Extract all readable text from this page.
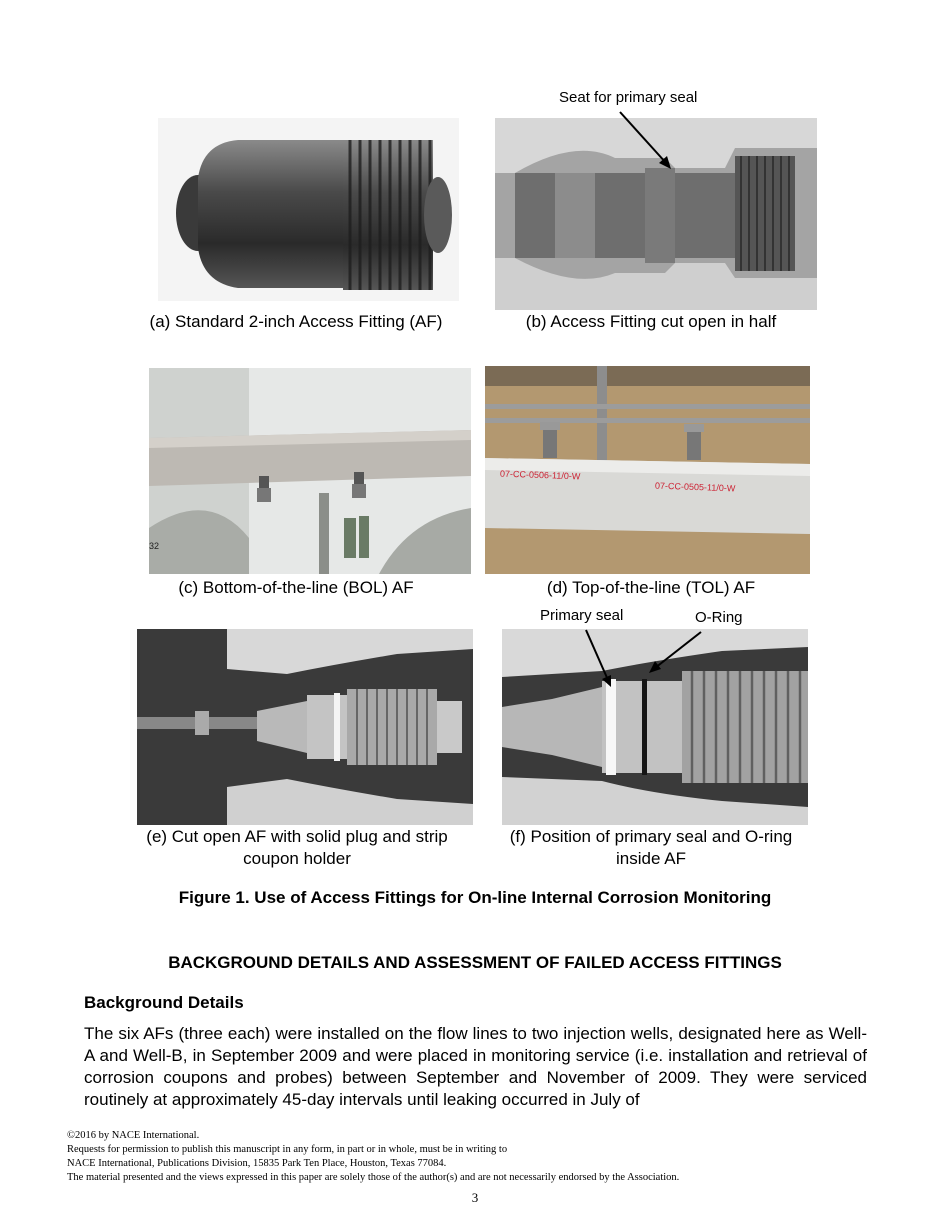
Seat for primary seal
(a) Standard 2-inch Access Fitting (AF)	(b) Access Fitting cut open in half
32
07-CC-0506-11/0-W
07-CC-0505-11/0-W
(c) Bottom-of-the-line (BOL) AF	(d) Top-of-the-line (TOL) AF
Primary seal	O-Ring
(e) Cut open AF with solid plug and strip
coupon holder
(f) Position of primary seal and O-ring
inside AF
Figure 1. Use of Access Fittings for On-line Internal Corrosion Monitoring
BACKGROUND DETAILS AND ASSESSMENT OF FAILED ACCESS FITTINGS
Background Details
The six AFs (three each) were installed on the flow lines to two injection wells, designated here as Well-A and Well-B, in September 2009 and were placed in monitoring service (i.e. installation and retrieval of corrosion coupons and probes) between September and November of 2009. They were serviced routinely at approximately 45-day intervals until leaking occurred in July of
©2016 by NACE International.
Requests for permission to publish this manuscript in any form, in part or in whole, must be in writing to
NACE International, Publications Division, 15835 Park Ten Place, Houston, Texas 77084.
The material presented and the views expressed in this paper are solely those of the author(s) and are not necessarily endorsed by the Association.
3
